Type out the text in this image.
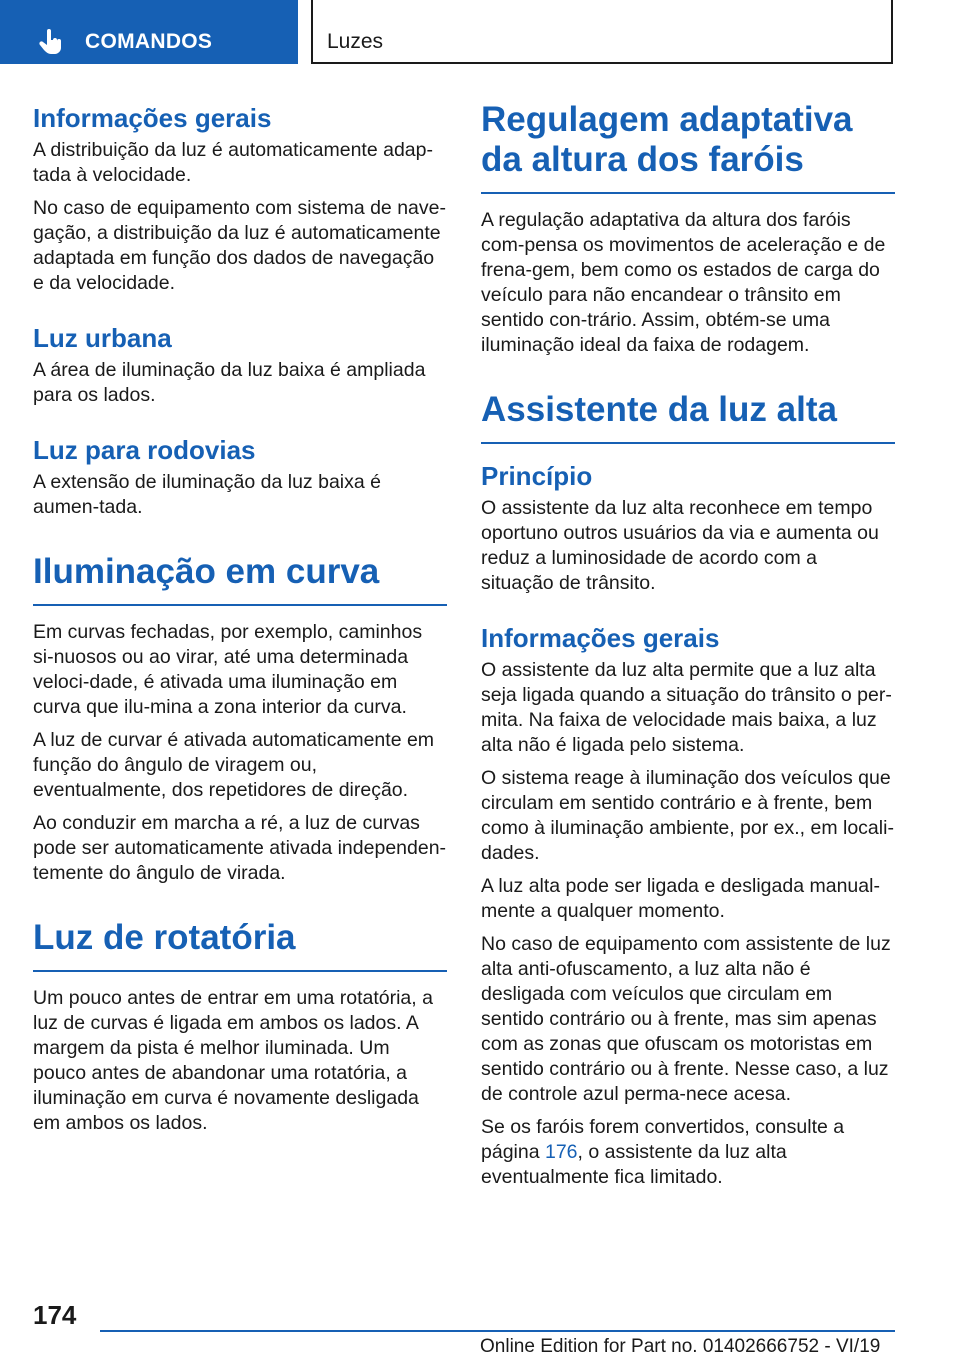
COMANDOS	Luzes
Informações gerais

A distribuição da luz é automaticamente adap-tada à velocidade.

No caso de equipamento com sistema de nave-gação, a distribuição da luz é automaticamente adaptada em função dos dados de navegação e da velocidade.

Luz urbana

A área de iluminação da luz baixa é ampliada para os lados.

Luz para rodovias

A extensão de iluminação da luz baixa é aumen-tada.

Iluminação em curva

Em curvas fechadas, por exemplo, caminhos si-nuosos ou ao virar, até uma determinada veloci-dade, é ativada uma iluminação em curva que ilu-mina a zona interior da curva.

A luz de curvar é ativada automaticamente em função do ângulo de viragem ou, eventualmente, dos repetidores de direção.

Ao conduzir em marcha a ré, a luz de curvas pode ser automaticamente ativada independen-temente do ângulo de virada.

Luz de rotatória

Um pouco antes de entrar em uma rotatória, a luz de curvas é ligada em ambos os lados. A margem da pista é melhor iluminada. Um pouco antes de abandonar uma rotatória, a iluminação em curva é novamente desligada em ambos os lados.

Regulagem adaptativa da altura dos faróis

A regulação adaptativa da altura dos faróis com-pensa os movimentos de aceleração e de frena-gem, bem como os estados de carga do veículo para não encandear o trânsito em sentido con-trário. Assim, obtém-se uma iluminação ideal da faixa de rodagem.

Assistente da luz alta
Princípio

O assistente da luz alta reconhece em tempo oportuno outros usuários da via e aumenta ou reduz a luminosidade de acordo com a situação de trânsito.

Informações gerais

O assistente da luz alta permite que a luz alta seja ligada quando a situação do trânsito o per-mita. Na faixa de velocidade mais baixa, a luz alta não é ligada pelo sistema.

O sistema reage à iluminação dos veículos que circulam em sentido contrário e à frente, bem como à iluminação ambiente, por ex., em locali-dades.

A luz alta pode ser ligada e desligada manual-mente a qualquer momento.

No caso de equipamento com assistente de luz alta anti-ofuscamento, a luz alta não é desligada com veículos que circulam em sentido contrário ou à frente, mas sim apenas com as zonas que ofuscam os motoristas em sentido contrário ou à frente. Nesse caso, a luz de controle azul perma-nece acesa.

Se os faróis forem convertidos, consulte a página 176, o assistente da luz alta eventualmente fica limitado.

174
Online Edition for Part no. 01402666752 - VI/19
